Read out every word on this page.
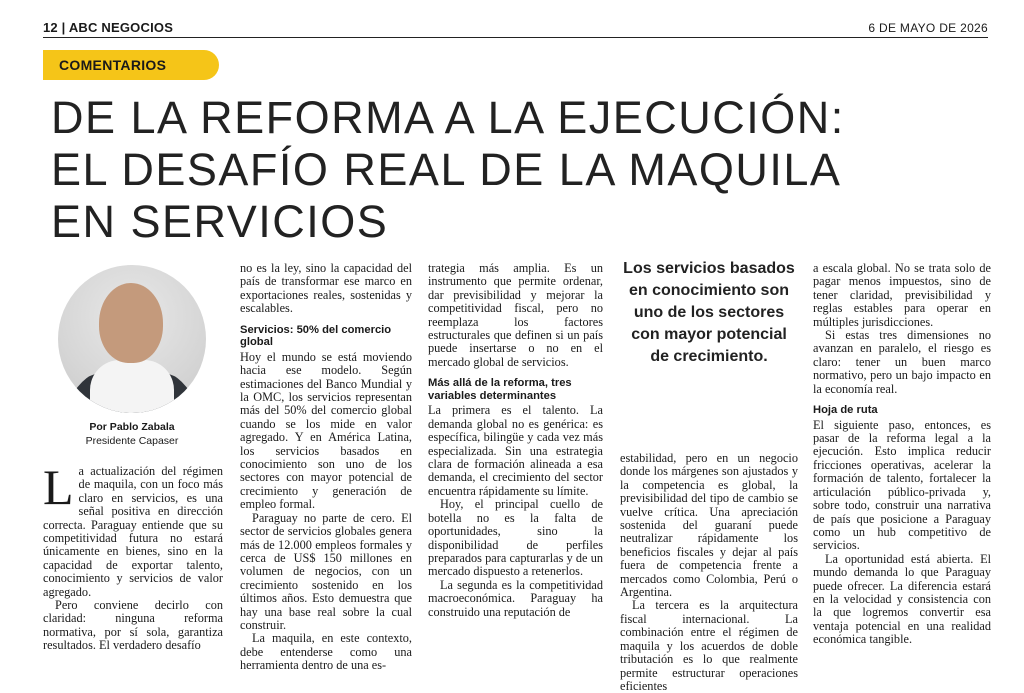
12 | ABC NEGOCIOS	6 DE MAYO DE 2026
COMENTARIOS
DE LA REFORMA A LA EJECUCIÓN:
EL DESAFÍO REAL DE LA MAQUILA
EN SERVICIOS
Por Pablo Zabala
Presidente Capaser
L a actualización del régimen de maquila, con un foco más claro en servicios, es una señal positiva en dirección correcta. Paraguay entiende que su competitividad futura no estará únicamente en bienes, sino en la capacidad de exportar talento, conocimiento y servicios de valor agregado.

Pero conviene decirlo con claridad: ninguna reforma normativa, por sí sola, garantiza resultados. El verdadero desafío

no es la ley, sino la capacidad del país de transformar ese marco en exportaciones reales, sostenidas y escalables.

Servicios: 50% del comercio global

Hoy el mundo se está moviendo hacia ese modelo. Según estimaciones del Banco Mundial y la OMC, los servicios representan más del 50% del comercio global cuando se los mide en valor agregado. Y en América Latina, los servicios basados en conocimiento son uno de los sectores con mayor potencial de crecimiento y generación de empleo formal.

Paraguay no parte de cero. El sector de servicios globales genera más de 12.000 empleos formales y cerca de US$ 150 millones en volumen de negocios, con un crecimiento sostenido en los últimos años. Esto demuestra que hay una base real sobre la cual construir.

La maquila, en este contexto, debe entenderse como una herramienta dentro de una es-

trategia más amplia. Es un instrumento que permite ordenar, dar previsibilidad y mejorar la competitividad fiscal, pero no reemplaza los factores estructurales que definen si un país puede insertarse o no en el mercado global de servicios.

Más allá de la reforma, tres variables determinantes

La primera es el talento. La demanda global no es genérica: es específica, bilingüe y cada vez más especializada. Sin una estrategia clara de formación alineada a esa demanda, el crecimiento del sector encuentra rápidamente su límite.

Hoy, el principal cuello de botella no es la falta de oportunidades, sino la disponibilidad de perfiles preparados para capturarlas y de un mercado dispuesto a retenerlos.

La segunda es la competitividad macroeconómica. Paraguay ha construido una reputación de

Los servicios basados en conocimiento son uno de los sectores con mayor potencial de crecimiento.

estabilidad, pero en un negocio donde los márgenes son ajustados y la competencia es global, la previsibilidad del tipo de cambio se vuelve crítica. Una apreciación sostenida del guaraní puede neutralizar rápidamente los beneficios fiscales y dejar al país fuera de competencia frente a mercados como Colombia, Perú o Argentina.

La tercera es la arquitectura fiscal internacional. La combinación entre el régimen de maquila y los acuerdos de doble tributación es lo que realmente permite estructurar operaciones eficientes

a escala global. No se trata solo de pagar menos impuestos, sino de tener claridad, previsibilidad y reglas estables para operar en múltiples jurisdicciones.

Si estas tres dimensiones no avanzan en paralelo, el riesgo es claro: tener un buen marco normativo, pero un bajo impacto en la economía real.

Hoja de ruta

El siguiente paso, entonces, es pasar de la reforma legal a la ejecución. Esto implica reducir fricciones operativas, acelerar la formación de talento, fortalecer la articulación público-privada y, sobre todo, construir una narrativa de país que posicione a Paraguay como un hub competitivo de servicios.

La oportunidad está abierta. El mundo demanda lo que Paraguay puede ofrecer. La diferencia estará en la velocidad y consistencia con la que logremos convertir esa ventaja potencial en una realidad económica tangible.
